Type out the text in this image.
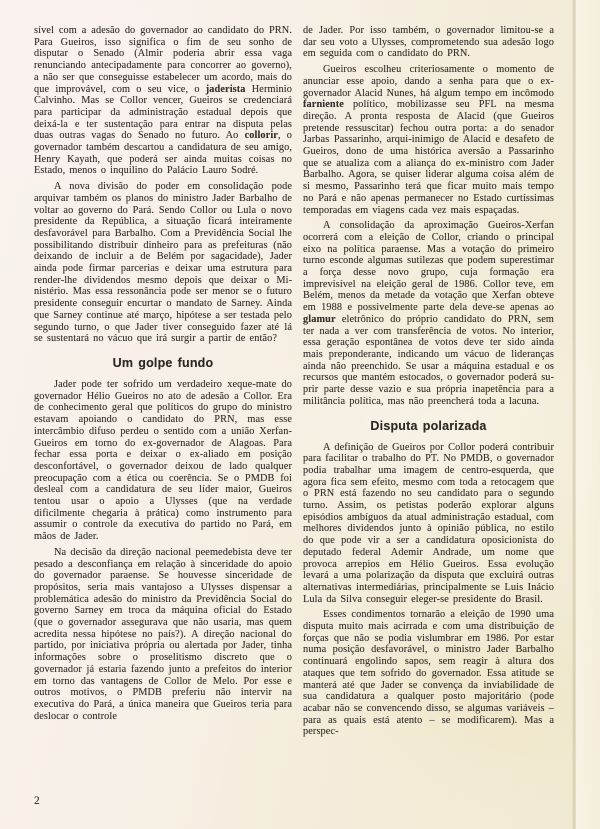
sível com a adesão do governador ao candidato do PRN. Para Gueiros, isso significa o fim de seu sonho de disputar o Senado (Almir poderia abrir essa vaga renunciando antecipadamente para concorrer ao governo), a não ser que conseguisse estabelecer um acordo, mais do que improvável, com o seu vice, o jaderista Herminio Calvinho. Mas se Collor vencer, Gueiros se credenciará para participar da administração estadual depois que deixá-la e ter sustentação para entrar na disputa pelas duas outras vagas do Senado no futuro. Ao collorir, o governador também descartou a candidatura de seu amigo, Henry Kayath, que poderá ser ainda muitas coisas no Estado, menos o inquilino do Palácio Lauro Sodré.

A nova divisão do poder em consolidação pode arquivar também os planos do ministro Jader Barbalho de voltar ao governo do Pará. Sendo Collor ou Lula o novo presidente da República, a situação ficará inteiramente desfavorável para Barbalho. Com a Previdência Social lhe possibilitando distribuir dinheiro para as prefeituras (não deixando de incluir a de Belém por sagacidade), Jader ainda pode firmar parcerias e deixar uma estrutura para render-lhe dividendos mesmo depois que deixar o Ministério. Mas essa ressonância pode ser menor se o futuro presidente conseguir encurtar o mandato de Sarney. Ainda que Sarney continue até março, hipótese a ser testada pelo segundo turno, o que Jader tiver conseguido fazer até lá se sustentará no vácuo que irá surgir a partir de então?

Um golpe fundo

Jader pode ter sofrido um verdadeiro xeque-mate do governador Hélio Gueiros no ato de adesão a Collor. Era de conhecimento geral que políticos do grupo do ministro estavam apoiando o candidato do PRN, mas esse intercâmbio difuso perdeu o sentido com a união Xerfan-Gueiros em torno do ex-governador de Alagoas. Para fechar essa porta e deixar o ex-aliado em posição desconfortável, o governador deixou de lado qualquer preocupação com a ética ou coerência. Se o PMDB foi desleal com a candidatura de seu líder maior, Gueiros tentou usar o apoio a Ulysses (que na verdade dificilmente chegaria à prática) como instrumento para assumir o controle da executiva do partido no Pará, em mãos de Jader.

Na decisão da direção nacional peemedebista deve ter pesado a desconfiança em relação à sinceridade do apoio do governador paraense. Se houvesse sinceridade de propósitos, seria mais vantajoso a Ulysses dispensar a problemática adesão do ministro da Previdência Social do governo Sarney em troca da máquina oficial do Estado (que o governador assegurava que não usaria, mas quem acredita nessa hipótese no país?). A direção nacional do partido, por iniciativa própria ou alertada por Jader, tinha informações sobre o proselitismo discreto que o governador já estaria fazendo junto a prefeitos do interior em torno das vantagens de Collor de Melo. Por esse e outros motivos, o PMDB preferiu não intervir na executiva do Pará, a única maneira que Gueiros teria para deslocar o controle

de Jader. Por isso também, o governador limitou-se a dar seu voto a Ulysses, comprometendo sua adesão logo em seguida com o candidato do PRN.

Gueiros escolheu criteriosamente o momento de anunciar esse apoio, dando a senha para que o ex-governador Alacid Nunes, há algum tempo em incômodo farniente político, mobilizasse seu PFL na mesma direção. A pronta resposta de Alacid (que Gueiros pretende ressuscitar) fechou outra porta: a do senador Jarbas Passarinho, arqui-inimigo de Alacid e desafeto de Gueiros, dono de uma histórica aversão a Passarinho que se atualiza com a aliança do ex-ministro com Jader Barbalho. Agora, se quiser liderar alguma coisa além de si mesmo, Passarinho terá que ficar muito mais tempo no Pará e não apenas permanecer no Estado curtíssimas temporadas em viagens cada vez mais espaçadas.

A consolidação da aproximação Gueiros-Xerfan ocorrerá com a eleição de Collor, criando o principal eixo na política paraense. Mas a votação do primeiro turno esconde algumas sutilezas que podem superestimar a força desse novo grupo, cuja formação era imprevisível na eleição geral de 1986. Collor teve, em Belém, menos da metade da votação que Xerfan obteve em 1988 e possivelmente parte dela deve-se apenas ao glamur eletrônico do próprio candidato do PRN, sem ter nada a ver com transferência de votos. No interior, essa geração espontânea de votos deve ter sido ainda mais preponderante, indicando um vácuo de lideranças ainda não preenchido. Se usar a máquina estadual e os recursos que mantém estocados, o governador poderá suprir parte desse vazio e sua própria inapetência para a militância política, mas não preencherá toda a lacuna.

Disputa polarizada

A definição de Gueiros por Collor poderá contribuir para facilitar o trabalho do PT. No PMDB, o governador podia trabalhar uma imagem de centro-esquerda, que agora fica sem efeito, mesmo com toda a retocagem que o PRN está fazendo no seu candidato para o segundo turno. Assim, os petistas poderão explorar alguns episódios ambíguos da atual administração estadual, com melhores dividendos junto à opinião pública, no estilo do que pode vir a ser a candidatura oposicionista do deputado federal Ademir Andrade, um nome que provoca arrepios em Hélio Gueiros. Essa evolução levará a uma polarização da disputa que excluirá outras alternativas intermediárias, principalmente se Luis Inácio Lula da Silva conseguir eleger-se presidente do Brasil.

Esses condimentos tornarão a eleição de 1990 uma disputa muito mais acirrada e com uma distribuição de forças que não se podia vislumbrar em 1986. Por estar numa posição desfavorável, o ministro Jader Barbalho continuará engolindo sapos, sem reagir à altura dos ataques que tem sofrido do governador. Essa atitude se manterá até que Jader se convença da inviabilidade de sua candidatura a qualquer posto majoritário (pode acabar não se convencendo disso, se algumas variáveis – para as quais está atento – se modificarem). Mas a perspec-

2
